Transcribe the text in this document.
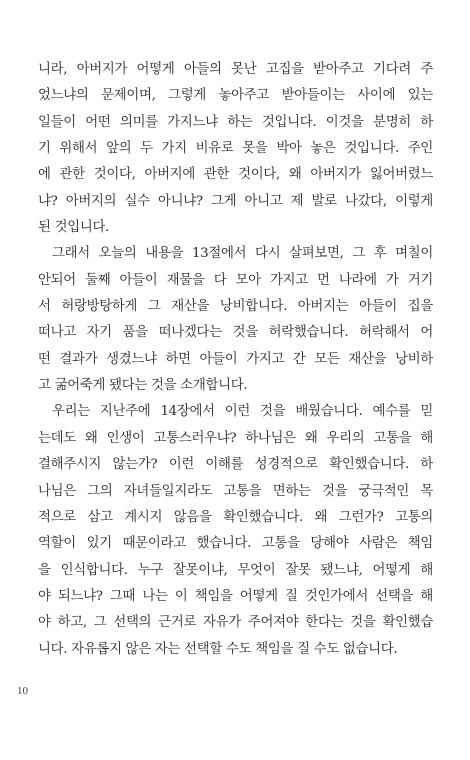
니라, 아버지가 어떻게 아들의 못난 고집을 받아주고 기다려 주
었느냐의 문제이며, 그렇게 놓아주고 받아들이는 사이에 있는
일들이 어떤 의미를 가지느냐 하는 것입니다. 이것을 분명히 하
기 위해서 앞의 두 가지 비유로 못을 박아 놓은 것입니다. 주인
에 관한 것이다, 아버지에 관한 것이다, 왜 아버지가 잃어버렸느
냐? 아버지의 실수 아니냐? 그게 아니고 제 발로 나갔다, 이렇게
된 것입니다.
그래서 오늘의 내용을 13절에서 다시 살펴보면, 그 후 며칠이
안되어 둘째 아들이 재물을 다 모아 가지고 먼 나라에 가 거기
서 허랑방탕하게 그 재산을 낭비합니다. 아버지는 아들이 집을
떠나고 자기 품을 떠나겠다는 것을 허락했습니다. 허락해서 어
떤 결과가 생겼느냐 하면 아들이 가지고 간 모든 재산을 낭비하
고 굶어죽게 됐다는 것을 소개합니다.
우리는 지난주에 14장에서 이런 것을 배웠습니다. 예수를 믿
는데도 왜 인생이 고통스러우냐? 하나님은 왜 우리의 고통을 해
결해주시지 않는가? 이런 이해를 성경적으로 확인했습니다. 하
나님은 그의 자녀들일지라도 고통을 면하는 것을 궁극적인 목
적으로 삼고 계시지 않음을 확인했습니다. 왜 그런가? 고통의
역할이 있기 때문이라고 했습니다. 고통을 당해야 사람은 책임
을 인식합니다. 누구 잘못이냐, 무엇이 잘못 됐느냐, 어떻게 해
야 되느냐? 그때 나는 이 책임을 어떻게 질 것인가에서 선택을 해
야 하고, 그 선택의 근거로 자유가 주어져야 한다는 것을 확인했습
니다. 자유롭지 않은 자는 선택할 수도 책임을 질 수도 없습니다.
10
